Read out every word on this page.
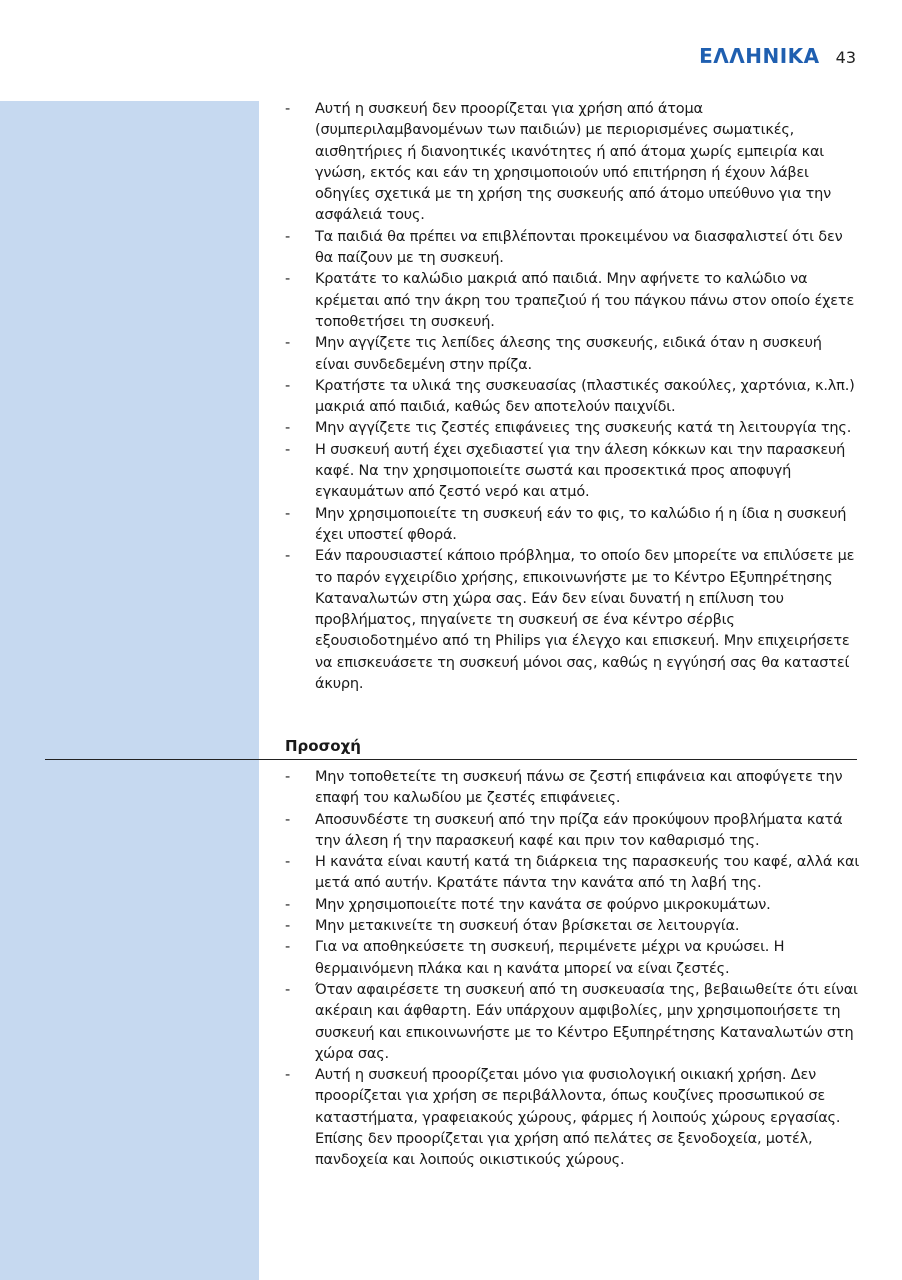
ΕΛΛΗΝΙΚΑ 43
- Αυτή η συσκευή δεν προορίζεται για χρήση από άτομα (συμπεριλαμβανομένων των παιδιών) με περιορισμένες σωματικές, αισθητήριες ή διανοητικές ικανότητες ή από άτομα χωρίς εμπειρία και γνώση, εκτός και εάν τη χρησιμοποιούν υπό επιτήρηση ή έχουν λάβει οδηγίες σχετικά με τη χρήση της συσκευής από άτομο υπεύθυνο για την ασφάλειά τους.
- Τα παιδιά θα πρέπει να επιβλέπονται προκειμένου να διασφαλιστεί ότι δεν θα παίζουν με τη συσκευή.
- Κρατάτε το καλώδιο μακριά από παιδιά. Μην αφήνετε το καλώδιο να κρέμεται από την άκρη του τραπεζιού ή του πάγκου πάνω στον οποίο έχετε τοποθετήσει τη συσκευή.
- Μην αγγίζετε τις λεπίδες άλεσης της συσκευής, ειδικά όταν η συσκευή είναι συνδεδεμένη στην πρίζα.
- Κρατήστε τα υλικά της συσκευασίας (πλαστικές σακούλες, χαρτόνια, κ.λπ.) μακριά από παιδιά, καθώς δεν αποτελούν παιχνίδι.
- Μην αγγίζετε τις ζεστές επιφάνειες της συσκευής κατά τη λειτουργία της.
- Η συσκευή αυτή έχει σχεδιαστεί για την άλεση κόκκων και την παρασκευή καφέ. Να την χρησιμοποιείτε σωστά και προσεκτικά προς αποφυγή εγκαυμάτων από ζεστό νερό και ατμό.
- Μην χρησιμοποιείτε τη συσκευή εάν το φις, το καλώδιο ή η ίδια η συσκευή έχει υποστεί φθορά.
- Εάν παρουσιαστεί κάποιο πρόβλημα, το οποίο δεν μπορείτε να επιλύσετε με το παρόν εγχειρίδιο χρήσης, επικοινωνήστε με το Κέντρο Εξυπηρέτησης Καταναλωτών στη χώρα σας. Εάν δεν είναι δυνατή η επίλυση του προβλήματος, πηγαίνετε τη συσκευή σε ένα κέντρο σέρβις εξουσιοδοτημένο από τη Philips για έλεγχο και επισκευή. Μην επιχειρήσετε να επισκευάσετε τη συσκευή μόνοι σας, καθώς η εγγύησή σας θα καταστεί άκυρη.
Προσοχή
- Μην τοποθετείτε τη συσκευή πάνω σε ζεστή επιφάνεια και αποφύγετε την επαφή του καλωδίου με ζεστές επιφάνειες.
- Αποσυνδέστε τη συσκευή από την πρίζα εάν προκύψουν προβλήματα κατά την άλεση ή την παρασκευή καφέ και πριν τον καθαρισμό της.
- Η κανάτα είναι καυτή κατά τη διάρκεια της παρασκευής του καφέ, αλλά και μετά από αυτήν. Κρατάτε πάντα την κανάτα από τη λαβή της.
- Μην χρησιμοποιείτε ποτέ την κανάτα σε φούρνο μικροκυμάτων.
- Μην μετακινείτε τη συσκευή όταν βρίσκεται σε λειτουργία.
- Για να αποθηκεύσετε τη συσκευή, περιμένετε μέχρι να κρυώσει. Η θερμαινόμενη πλάκα και η κανάτα μπορεί να είναι ζεστές.
- Όταν αφαιρέσετε τη συσκευή από τη συσκευασία της, βεβαιωθείτε ότι είναι ακέραιη και άφθαρτη. Εάν υπάρχουν αμφιβολίες, μην χρησιμοποιήσετε τη συσκευή και επικοινωνήστε με το Κέντρο Εξυπηρέτησης Καταναλωτών στη χώρα σας.
- Αυτή η συσκευή προορίζεται μόνο για φυσιολογική οικιακή χρήση. Δεν προορίζεται για χρήση σε περιβάλλοντα, όπως κουζίνες προσωπικού σε καταστήματα, γραφειακούς χώρους, φάρμες ή λοιπούς χώρους εργασίας. Επίσης δεν προορίζεται για χρήση από πελάτες σε ξενοδοχεία, μοτέλ, πανδοχεία και λοιπούς οικιστικούς χώρους.
